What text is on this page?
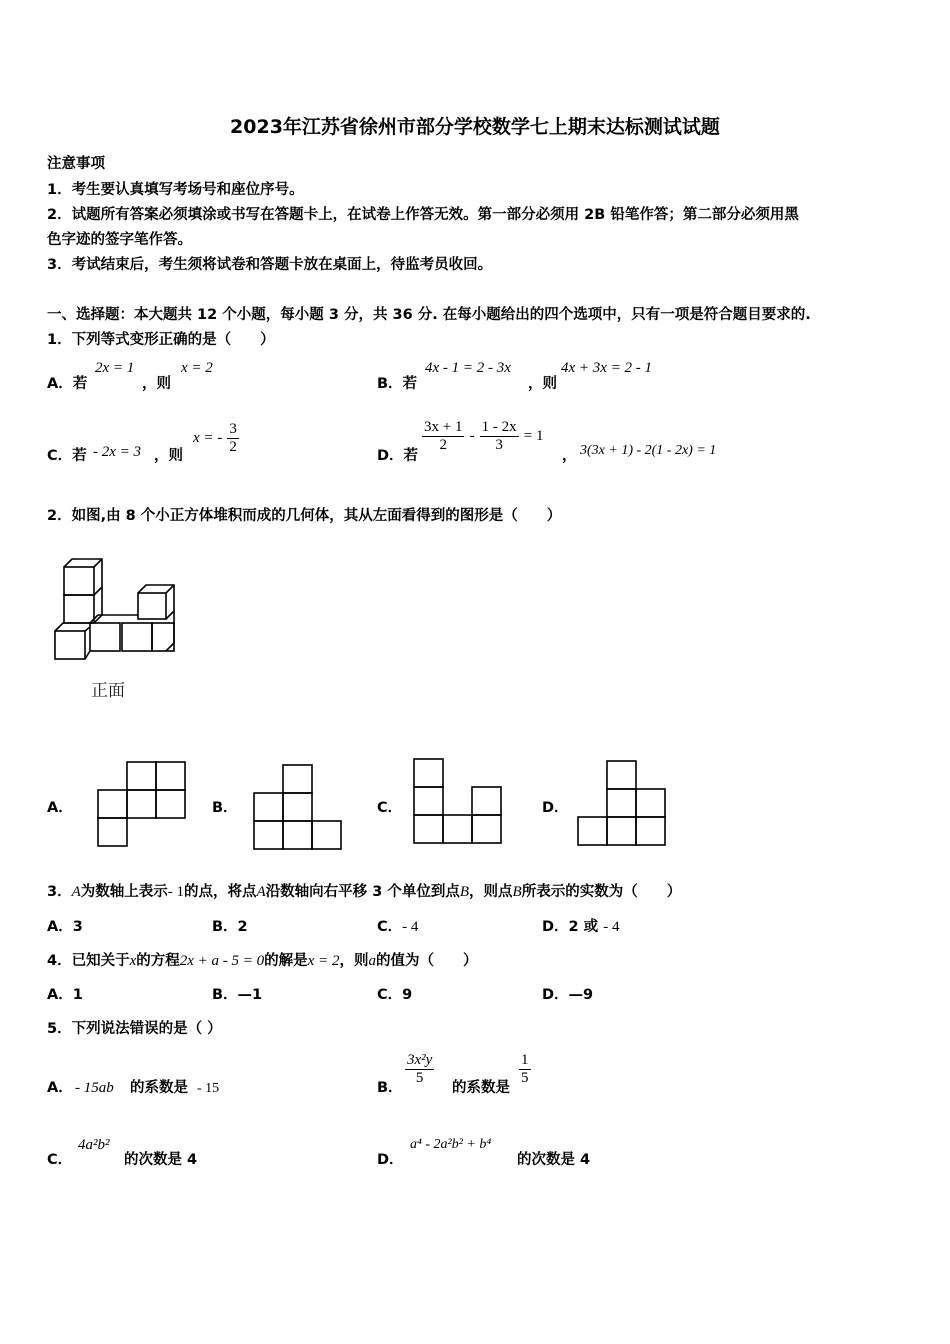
2023年江苏省徐州市部分学校数学七上期末达标测试试题
注意事项
1．考生要认真填写考场号和座位序号。
2．试题所有答案必须填涂或书写在答题卡上，在试卷上作答无效。第一部分必须用 2B 铅笔作答；第二部分必须用黑
色字迹的签字笔作答。
3．考试结束后，考生须将试卷和答题卡放在桌面上，待监考员收回。
一、选择题：本大题共 12 个小题，每小题 3 分，共 36 分. 在每小题给出的四个选项中，只有一项是符合题目要求的.
1．下列等式变形正确的是（　　）
A．若
2x = 1
，则
x = 2
B．若
4x - 1 = 2 - 3x
，则
4x + 3x = 2 - 1
C．若 - 2x = 3 ，则
x = - $\frac{3}{2}$	D．若
$\frac{3x + 1}{2} - \frac{1 - 2x}{3} = 1$
， 3(3x + 1) - 2(1 - 2x) = 1
2．如图,由 8 个小正方体堆积而成的几何体，其从左面看得到的图形是（　　）
正面
A．	B．	C．	D．
3．A为数轴上表示- 1的点，将点A沿数轴向右平移 3 个单位到点B，则点B所表示的实数为（　　）
A．3	B．2	C．- 4	D．2 或 - 4
4．已知关于x的方程2x + a - 5 = 0的解是x = 2，则a的值为（　　）
A．1	B．—1	C．9	D．—9
5．下列说法错误的是（ ）
A． - 15ab 的系数是 - 15	B．
$\frac{\text{3x²y}}{5}$
的系数是
$\frac{1}{5}$
C．
4a²b²
的次数是 4	D．
a⁴ - 2a²b² + b⁴
的次数是 4
